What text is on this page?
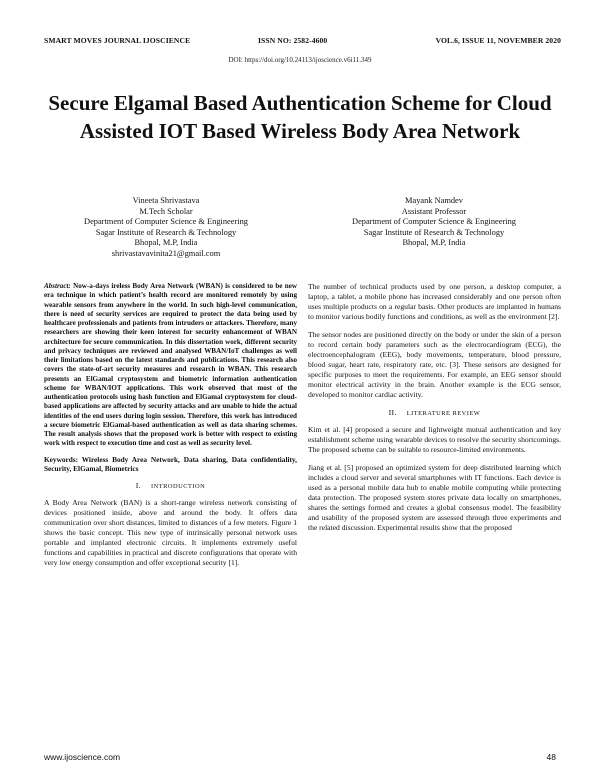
SMART MOVES JOURNAL IJOSCIENCE	ISSN NO: 2582-4600	VOL.6, ISSUE 11, NOVEMBER 2020
DOI: https://doi.org/10.24113/ijoscience.v6i11.349
Secure Elgamal Based Authentication Scheme for Cloud Assisted IOT Based Wireless Body Area Network
Vineeta Shrivastava
M.Tech Scholar
Department of Computer Science & Engineering
Sagar Institute of Research & Technology
Bhopal, M.P, India
shrivastavavinita21@gmail.com
Mayank Namdev
Assistant Professor
Department of Computer Science & Engineering
Sagar Institute of Research & Technology
Bhopal, M.P, India

Abstract: Now-a-days ireless Body Area Network (WBAN) is considered to be new era technique in which patient’s health record are monitored remotely by using wearable sensors from anywhere in the world. In such high-level communication, there is need of security services are required to protect the data being used by healthcare professionals and patients from intruders or attackers. Therefore, many researchers are showing their keen interest for security enhancement of WBAN architecture for secure communication. In this dissertation work, different security and privacy techniques are reviewed and analysed WBAN/IoT challenges as well their limitations based on the latest standards and publications. This research also covers the state-of-art security measures and research in WBAN. This research presents an ElGamal cryptosystem and biometric information authentication scheme for WBAN/IOT applications. This work observed that most of the authentication protocols using hash function and ElGamal cryptosystem for cloud-based applications are affected by security attacks and are unable to hide the actual identities of the end users during login session. Therefore, this work has introduced a secure biometric ElGamal-based authentication as well as data sharing schemes. The result analysis shows that the proposed work is better with respect to existing work with respect to execution time and cost as well as security level.

Keywords: Wireless Body Area Network, Data sharing, Data confidentiality, Security, ElGamal, Biometrics

I. INTRODUCTION

A Body Area Network (BAN) is a short-range wireless network consisting of devices positioned inside, above and around the body. It offers data communication over short distances, limited to distances of a few meters. Figure 1 shows the basic concept. This new type of intrinsically personal network uses portable and implanted electronic circuits. It implements extremely useful functions and capabilities in practical and discrete configurations that operate with very low energy consumption and offer exceptional security [1].

The number of technical products used by one person, a desktop computer, a laptop, a tablet, a mobile phone has increased considerably and one person often uses multiple products on a regular basis. Other products are implanted in humans to monitor various bodily functions and conditions, as well as the environment [2].

The sensor nodes are positioned directly on the body or under the skin of a person to record certain body parameters such as the electrocardiogram (ECG), the electroencephalogram (EEG), body movements, temperature, blood pressure, blood sugar, heart rate, respiratory rate, etc. [3]. These sensors are designed for specific purposes to meet the requirements. For example, an EEG sensor should monitor electrical activity in the brain. Another example is the ECG sensor, developed to monitor cardiac activity.

II. LITERATURE REVIEW

Kim et al. [4] proposed a secure and lightweight mutual authentication and key establishment scheme using wearable devices to resolve the security shortcomings. The proposed scheme can be suitable to resource-limited environments.

Jiang et al. [5] proposed an optimized system for deep distributed learning which includes a cloud server and several smartphones with IT functions. Each device is used as a personal mobile data hub to enable mobile computing while protecting data protection. The proposed system stores private data locally on smartphones, shares the settings formed and creates a global consensus model. The feasibility and usability of the proposed system are assessed through three experiments and the related discussion. Experimental results show that the proposed

www.ijoscience.com	48
